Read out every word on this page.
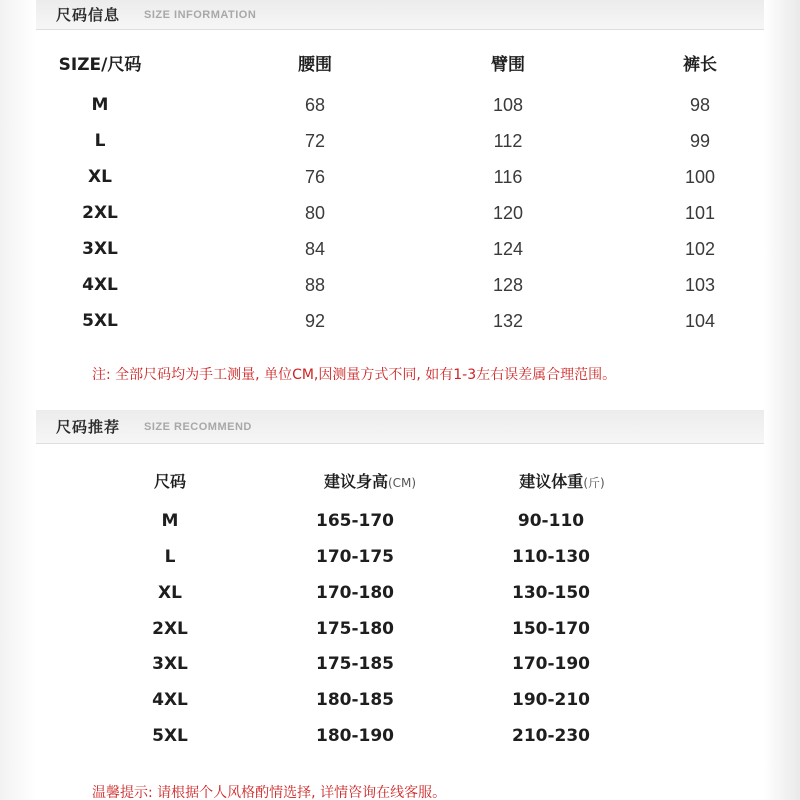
尺码信息 SIZE INFORMATION
SIZE/尺码	腰围	臂围	裤长
M	68	108	98
L	72	112	99
XL	76	116	100
2XL	80	120	101
3XL	84	124	102
4XL	88	128	103
5XL	92	132	104
注: 全部尺码均为手工测量, 单位CM,因测量方式不同, 如有1-3左右误差属合理范围。
尺码推荐 SIZE RECOMMEND
尺码	建议身高(CM)	建议体重(斤)
M	165-170	90-110
L	170-175	110-130
XL	170-180	130-150
2XL	175-180	150-170
3XL	175-185	170-190
4XL	180-185	190-210
5XL	180-190	210-230
温馨提示: 请根据个人风格酌情选择, 详情咨询在线客服。
